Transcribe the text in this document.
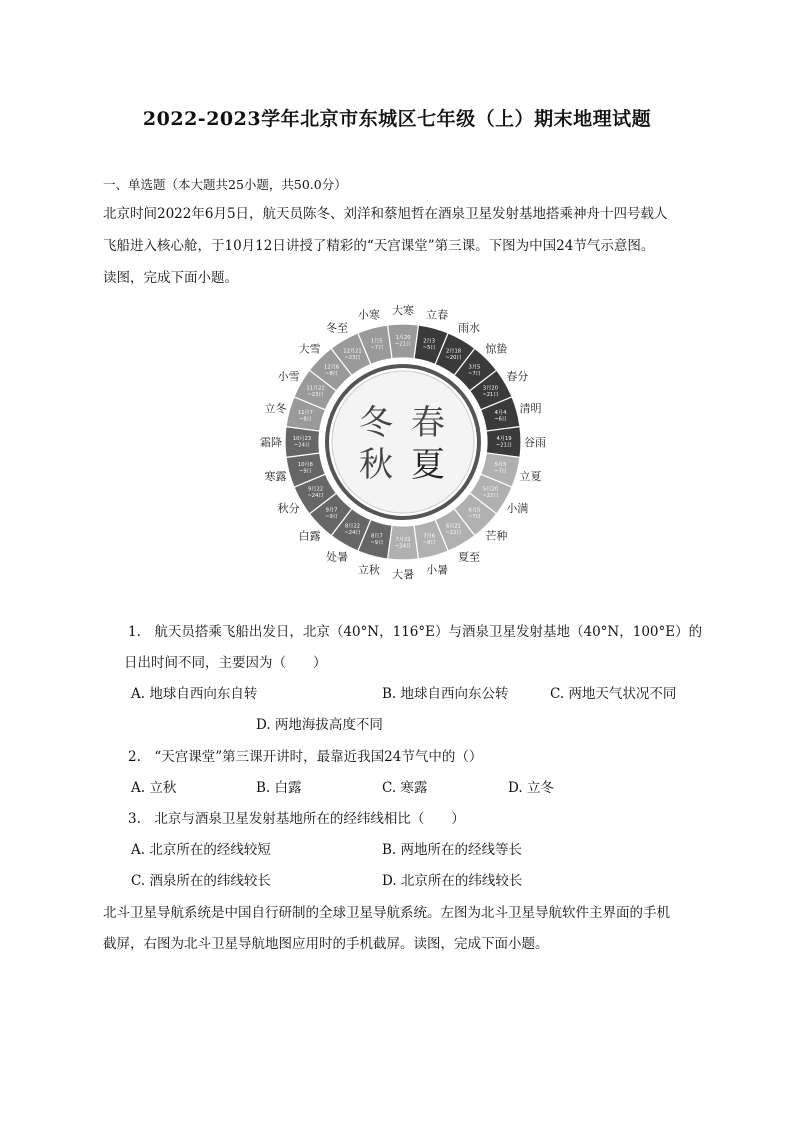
2022-2023学年北京市东城区七年级（上）期末地理试题
一、单选题（本大题共25小题，共50.0分）
北京时间2022年6月5日，航天员陈冬、刘洋和蔡旭哲在酒泉卫星发射基地搭乘神舟十四号载人
飞船进入核心舱，于10月12日讲授了精彩的“天宫课堂”第三课。下图为中国24节气示意图。
读图，完成下面小题。
2月3 ~5日
立春
2月18 ~20日
雨水
3月5 ~7日
惊蛰
3月20 ~21日
春分
4月4 ~6日
清明
4月19 ~21日 谷雨
5月5 ~7日 立夏
5月20 ~22日
小满
6月5 ~7日
芒种
6月21 ~22日
夏至
7月6 ~8日
小暑
7月22 ~24日
大暑
8月7 ~9日
立秋
8月22 ~24日
处暑
9月7 ~9日
白露
9月22 ~24日
秋分
10月8 ~9日
寒露
10月23 ~24日
霜降
11月7 ~8日
立冬
11月22 ~23日
小雪
12月6 ~8日
大雪	12月21 ~23日
冬至
1月5 ~7日
小寒
1月20 ~21日
大寒
冬 春
秋 夏
1.　航天员搭乘飞船出发日，北京（40°N，116°E）与酒泉卫星发射基地（40°N，100°E）的
日出时间不同，主要因为（　　）
A. 地球自西向东自转	B. 地球自西向东公转	C. 两地天气状况不同
D. 两地海拔高度不同
2.　“天宫课堂”第三课开讲时，最靠近我国24节气中的（）
A. 立秋	B. 白露	C. 寒露	D. 立冬
3.　北京与酒泉卫星发射基地所在的经纬线相比（　　）
A. 北京所在的经线较短	B. 两地所在的经线等长
C. 酒泉所在的纬线较长	D. 北京所在的纬线较长
北斗卫星导航系统是中国自行研制的全球卫星导航系统。左图为北斗卫星导航软件主界面的手机
截屏，右图为北斗卫星导航地图应用时的手机截屏。读图，完成下面小题。
